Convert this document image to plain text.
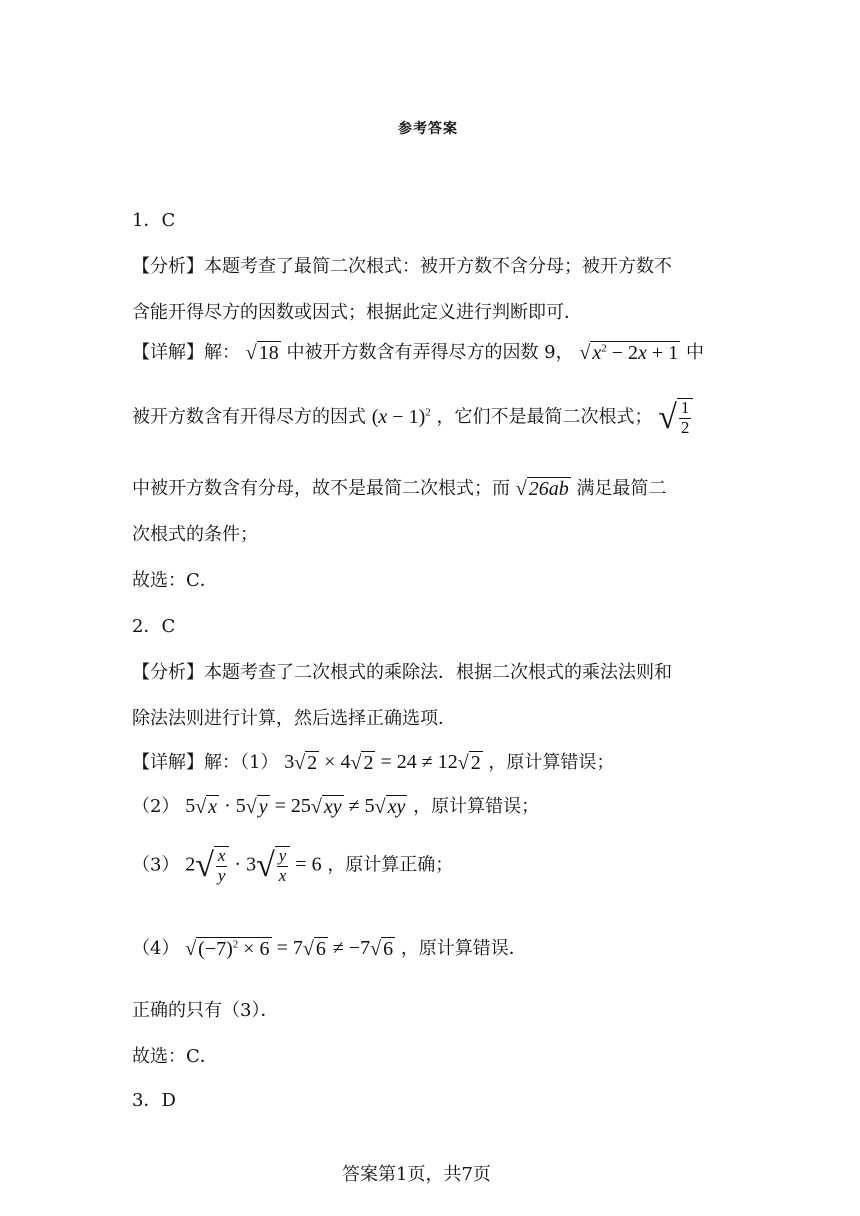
参考答案
1．C
【分析】本题考查了最简二次根式：被开方数不含分母；被开方数不
含能开得尽方的因数或因式；根据此定义进行判断即可．
【详解】解： √ 18 中被开方数含有弄得尽方的因数 9， √ $x^2 - 2x + 1$ 中
被开方数含有开得尽方的因式 $(x - 1)^2$ ，它们不是最简二次根式； √ $\frac{1}{2}$
中被开方数含有分母，故不是最简二次根式；而 √ 26ab 满足最简二
次根式的条件；
故选：C．
2．C
【分析】本题考查了二次根式的乘除法．根据二次根式的乘法法则和
除法法则进行计算，然后选择正确选项．
【详解】解：（1） 3√ 2 × 4√ 2 = 24 ≠ 12√ 2 ，原计算错误；
（2） 5√ x · 5√ y = 25√ xy ≠ 5√ xy ，原计算错误；
（3） $2√ \frac{x}{y} \cdot 3√ \frac{y}{x} = 6$ ，原计算正确；
（4） √ $(-7)^2 \times 6 = 7√$ 6 ≠ −7√ 6 ，原计算错误．
正确的只有（3）．
故选：C．
3．D
答案第1页，共7页
